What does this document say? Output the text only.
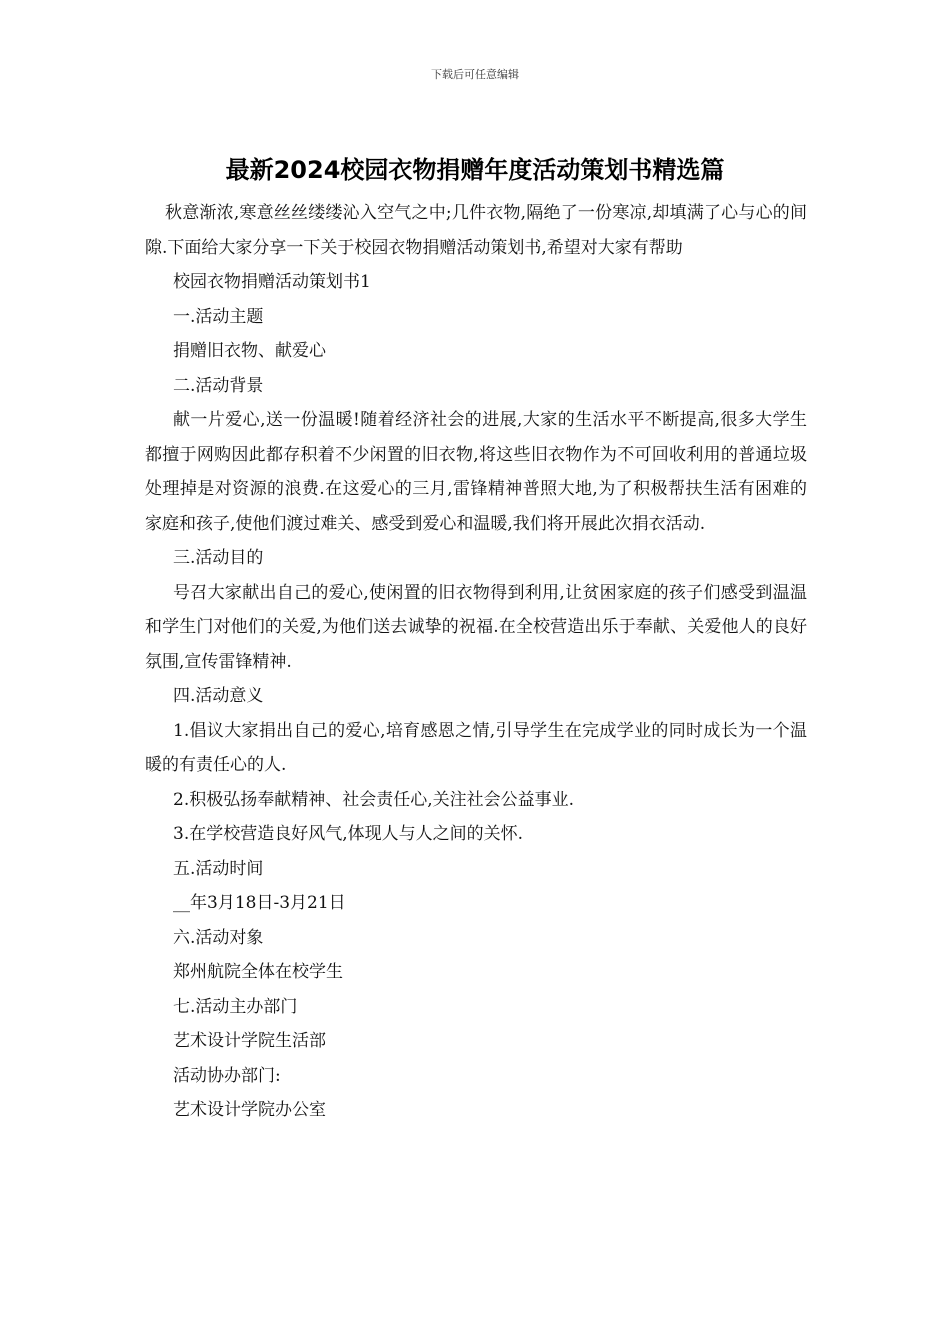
下载后可任意编辑
最新2024校园衣物捐赠年度活动策划书精选篇

秋意渐浓,寒意丝丝缕缕沁入空气之中;几件衣物,隔绝了一份寒凉,却填满了心与心的间隙.下面给大家分享一下关于校园衣物捐赠活动策划书,希望对大家有帮助

校园衣物捐赠活动策划书1

一.活动主题

捐赠旧衣物、献爱心

二.活动背景

献一片爱心,送一份温暖!随着经济社会的进展,大家的生活水平不断提高,很多大学生都擅于网购因此都存积着不少闲置的旧衣物,将这些旧衣物作为不可回收利用的普通垃圾处理掉是对资源的浪费.在这爱心的三月,雷锋精神普照大地,为了积极帮扶生活有困难的家庭和孩子,使他们渡过难关、感受到爱心和温暖,我们将开展此次捐衣活动.

三.活动目的

号召大家献出自己的爱心,使闲置的旧衣物得到利用,让贫困家庭的孩子们感受到温温和学生门对他们的关爱,为他们送去诚挚的祝福.在全校营造出乐于奉献、关爱他人的良好氛围,宣传雷锋精神.

四.活动意义

1.倡议大家捐出自己的爱心,培育感恩之情,引导学生在完成学业的同时成长为一个温暖的有责任心的人.

2.积极弘扬奉献精神、社会责任心,关注社会公益事业.

3.在学校营造良好风气,体现人与人之间的关怀.

五.活动时间

__年3月18日-3月21日

六.活动对象

郑州航院全体在校学生

七.活动主办部门

艺术设计学院生活部

活动协办部门:

艺术设计学院办公室
